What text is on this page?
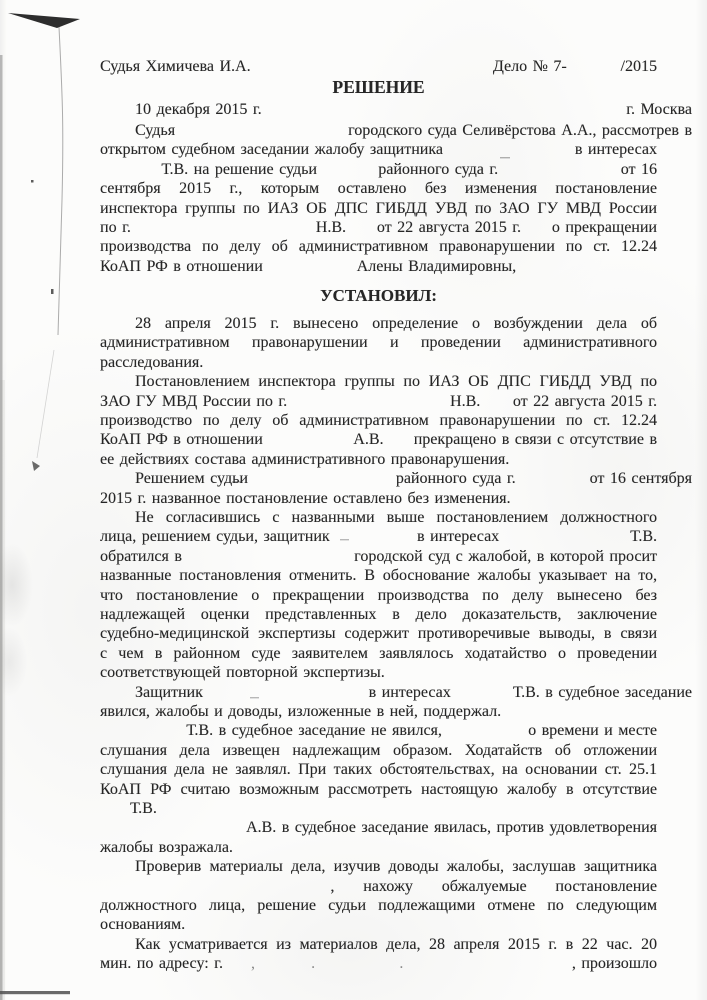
Судья Химичева И.А.	Дело № 7-	/2015
РЕШЕНИЕ
10 декабря 2015 г.	г. Москва
Судья	городского суда Селивёрстова А.А., рассмотрев в
открытом судебном заседании жалобу защитника	в интересах
Т.В. на решение судьи	районного суда г.	от 16
сентября 2015 г., которым оставлено без изменения постановление
инспектора группы по ИАЗ ОБ ДПС ГИБДД УВД по ЗАО ГУ МВД России
по г.	Н.В. от 22 августа 2015 г. о прекращении
производства по делу об административном правонарушении по ст. 12.24
КоАП РФ в отношении	Алены Владимировны,
УСТАНОВИЛ:
28 апреля 2015 г. вынесено определение о возбуждении дела об
административном правонарушении и проведении административного
расследования.
Постановлением инспектора группы по ИАЗ ОБ ДПС ГИБДД УВД по
ЗАО ГУ МВД России по г.	Н.В. от 22 августа 2015 г.
производство по делу об административном правонарушении по ст. 12.24
КоАП РФ в отношении	А.В. прекращено в связи с отсутствие в
ее действиях состава административного правонарушения.
Решением судьи	районного суда г.	от 16 сентября
2015 г. названное постановление оставлено без изменения.
Не согласившись с названными выше постановлением должностного
лица, решением судьи, защитник	в интересах	Т.В.
обратился в	городской суд с жалобой, в которой просит
названные постановления отменить. В обоснование жалобы указывает на то,
что постановление о прекращении производства по делу вынесено без
надлежащей оценки представленных в дело доказательств, заключение
судебно-медицинской экспертизы содержит противоречивые выводы, в связи
с чем в районном суде заявителем заявлялось ходатайство о проведении
соответствующей повторной экспертизы.
Защитник	в интересах	Т.В. в судебное заседание
явился, жалобы и доводы, изложенные в ней, поддержал.
Т.В. в судебное заседание не явился,	о времени и месте
слушания дела извещен надлежащим образом. Ходатайств об отложении
слушания дела не заявлял. При таких обстоятельствах, на основании ст. 25.1
КоАП РФ считаю возможным рассмотреть настоящую жалобу в отсутствие
Т.В.
А.В. в судебное заседание явилась, против удовлетворения
жалобы возражала.
Проверив материалы дела, изучив доводы жалобы, заслушав защитника
, нахожу обжалуемые постановление
должностного лица, решение судьи подлежащими отмене по следующим
основаниям.
Как усматривается из материалов дела, 28 апреля 2015 г. в 22 час. 20
мин. по адресу: г. ,	.	.	, произошло
